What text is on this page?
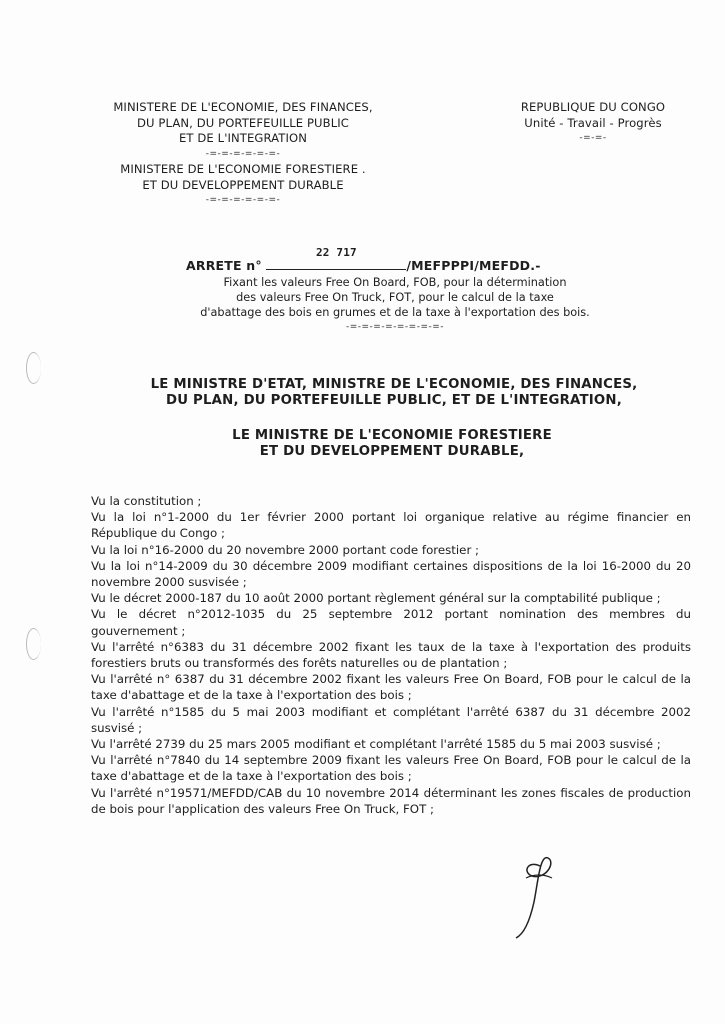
MINISTERE DE L'ECONOMIE, DES FINANCES,
DU PLAN, DU PORTEFEUILLE PUBLIC
ET DE L'INTEGRATION
-=-=-=-=-=-=-
MINISTERE DE L'ECONOMIE FORESTIERE .
ET DU DEVELOPPEMENT DURABLE
-=-=-=-=-=-=-
REPUBLIQUE DU CONGO
Unité - Travail - Progrès
-=-=-
ARRETE n°
22 717
/MEFPPPI/MEFDD.-
Fixant les valeurs Free On Board, FOB, pour la détermination
des valeurs Free On Truck, FOT, pour le calcul de la taxe
d'abattage des bois en grumes et de la taxe à l'exportation des bois.
-=-=-=-=-=-=-=-=-
LE MINISTRE D'ETAT, MINISTRE DE L'ECONOMIE, DES FINANCES,
DU PLAN, DU PORTEFEUILLE PUBLIC, ET DE L'INTEGRATION,
LE MINISTRE DE L'ECONOMIE FORESTIERE
ET DU DEVELOPPEMENT DURABLE,

Vu la constitution ;

Vu la loi n°1-2000 du 1er février 2000 portant loi organique relative au régime financier en République du Congo ;

Vu la loi n°16-2000 du 20 novembre 2000 portant code forestier ;

Vu la loi n°14-2009 du 30 décembre 2009 modifiant certaines dispositions de la loi 16-2000 du 20 novembre 2000 susvisée ;

Vu le décret 2000-187 du 10 août 2000 portant règlement général sur la comptabilité publique ;

Vu le décret n°2012-1035 du 25 septembre 2012 portant nomination des membres du gouvernement ;

Vu l'arrêté n°6383 du 31 décembre 2002 fixant les taux de la taxe à l'exportation des produits forestiers bruts ou transformés des forêts naturelles ou de plantation ;

Vu l'arrêté n° 6387 du 31 décembre 2002 fixant les valeurs Free On Board, FOB pour le calcul de la taxe d'abattage et de la taxe à l'exportation des bois ;

Vu l'arrêté n°1585 du 5 mai 2003 modifiant et complétant l'arrêté 6387 du 31 décembre 2002 susvisé ;

Vu l'arrêté 2739 du 25 mars 2005 modifiant et complétant l'arrêté 1585 du 5 mai 2003 susvisé ;

Vu l'arrêté n°7840 du 14 septembre 2009 fixant les valeurs Free On Board, FOB pour le calcul de la taxe d'abattage et de la taxe à l'exportation des bois ;

Vu l'arrêté n°19571/MEFDD/CAB du 10 novembre 2014 déterminant les zones fiscales de production de bois pour l'application des valeurs Free On Truck, FOT ;
